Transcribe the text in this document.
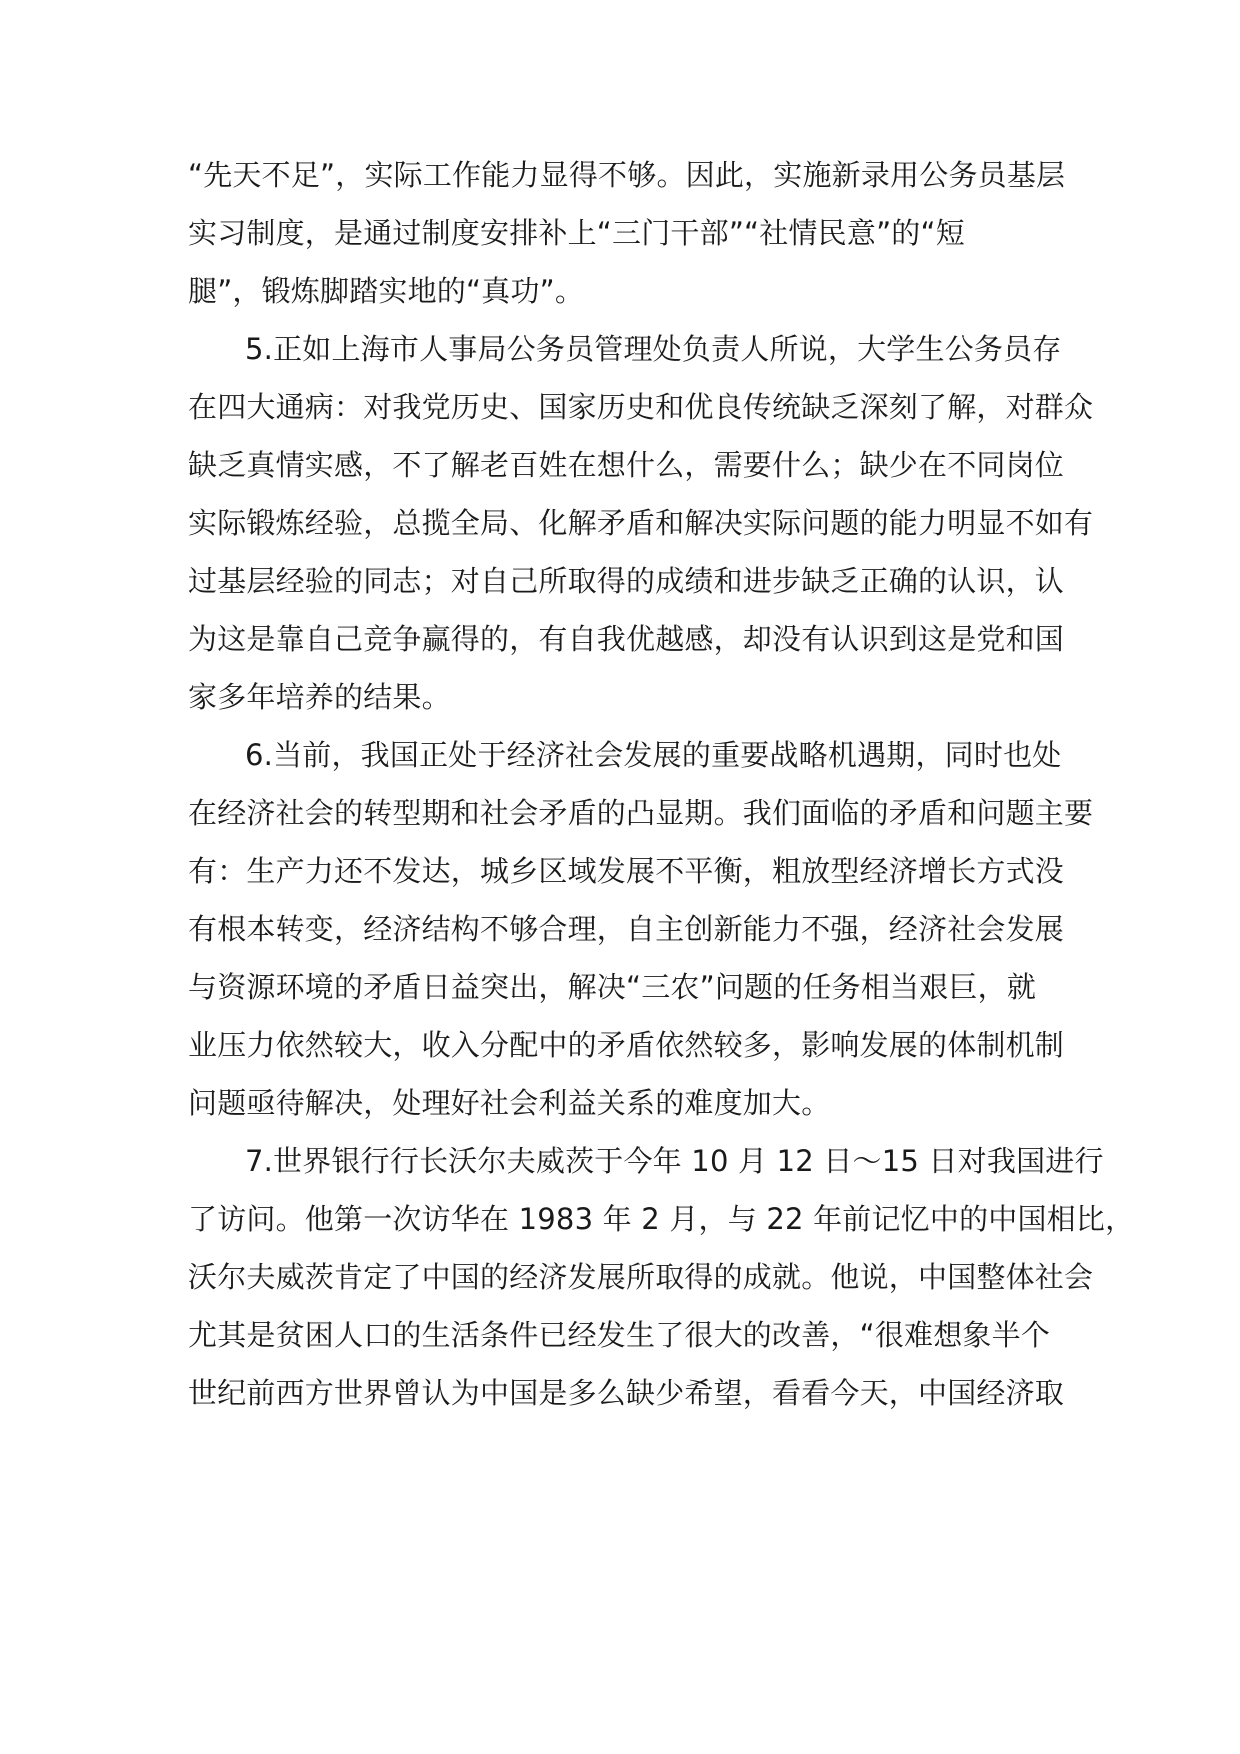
“先天不足”，实际工作能力显得不够。因此，实施新录用公务员基层
实习制度，是通过制度安排补上“三门干部”“社情民意”的“短
腿”，锻炼脚踏实地的“真功”。
5.正如上海市人事局公务员管理处负责人所说，大学生公务员存
在四大通病：对我党历史、国家历史和优良传统缺乏深刻了解，对群众
缺乏真情实感，不了解老百姓在想什么，需要什么；缺少在不同岗位
实际锻炼经验，总揽全局、化解矛盾和解决实际问题的能力明显不如有
过基层经验的同志；对自己所取得的成绩和进步缺乏正确的认识，认
为这是靠自己竞争赢得的，有自我优越感，却没有认识到这是党和国
家多年培养的结果。
6.当前，我国正处于经济社会发展的重要战略机遇期，同时也处
在经济社会的转型期和社会矛盾的凸显期。我们面临的矛盾和问题主要
有：生产力还不发达，城乡区域发展不平衡，粗放型经济增长方式没
有根本转变，经济结构不够合理，自主创新能力不强，经济社会发展
与资源环境的矛盾日益突出，解决“三农”问题的任务相当艰巨，就
业压力依然较大，收入分配中的矛盾依然较多，影响发展的体制机制
问题亟待解决，处理好社会利益关系的难度加大。
7.世界银行行长沃尔夫威茨于今年 10 月 12 日～15 日对我国进行
了访问。他第一次访华在 1983 年 2 月，与 22 年前记忆中的中国相比，
沃尔夫威茨肯定了中国的经济发展所取得的成就。他说，中国整体社会
尤其是贫困人口的生活条件已经发生了很大的改善，“很难想象半个
世纪前西方世界曾认为中国是多么缺少希望，看看今天，中国经济取
